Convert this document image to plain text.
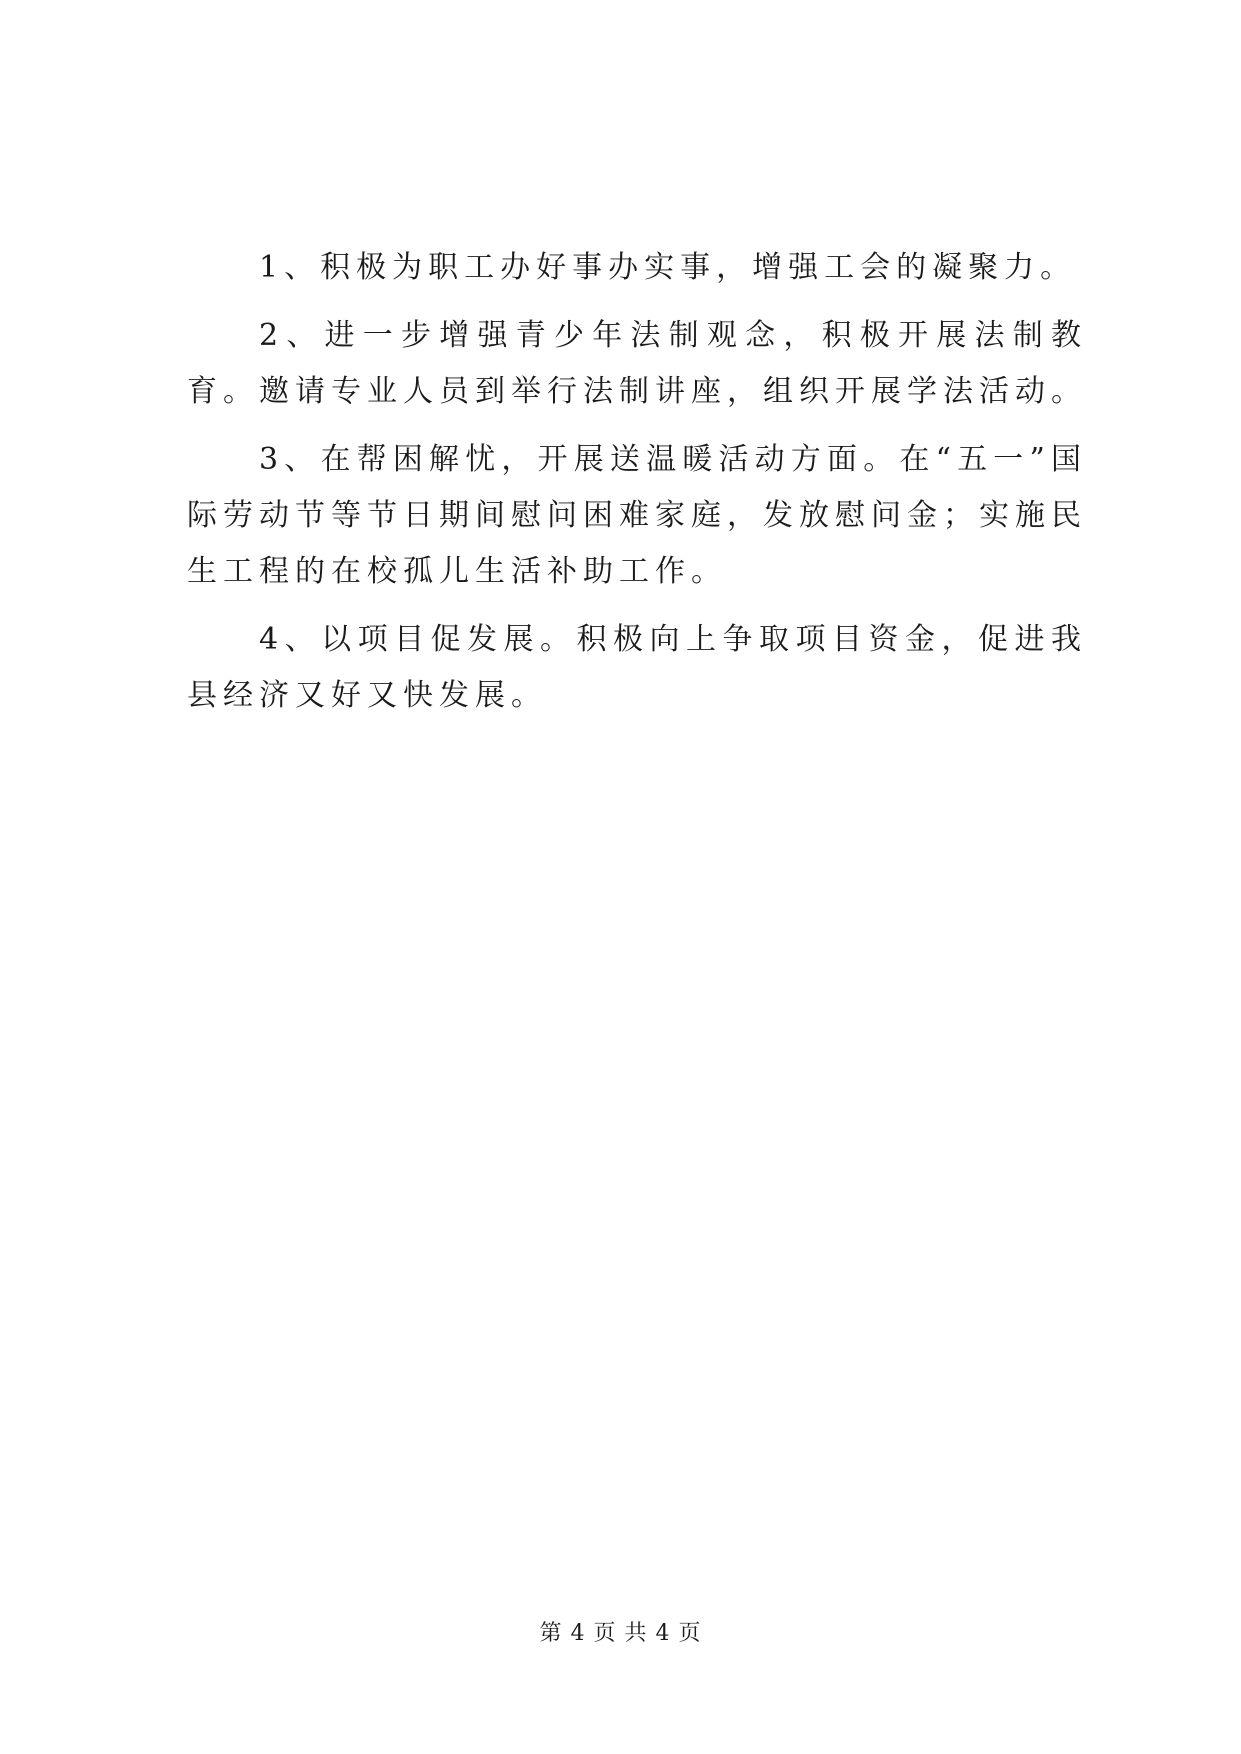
1、积极为职工办好事办实事，增强工会的凝聚力。

2、进一步增强青少年法制观念，积极开展法制教育。邀请专业人员到举行法制讲座，组织开展学法活动。

3、在帮困解忧，开展送温暖活动方面。在“五一”国际劳动节等节日期间慰问困难家庭，发放慰问金；实施民生工程的在校孤儿生活补助工作。

4、以项目促发展。积极向上争取项目资金，促进我县经济又好又快发展。

第 4 页 共 4 页
